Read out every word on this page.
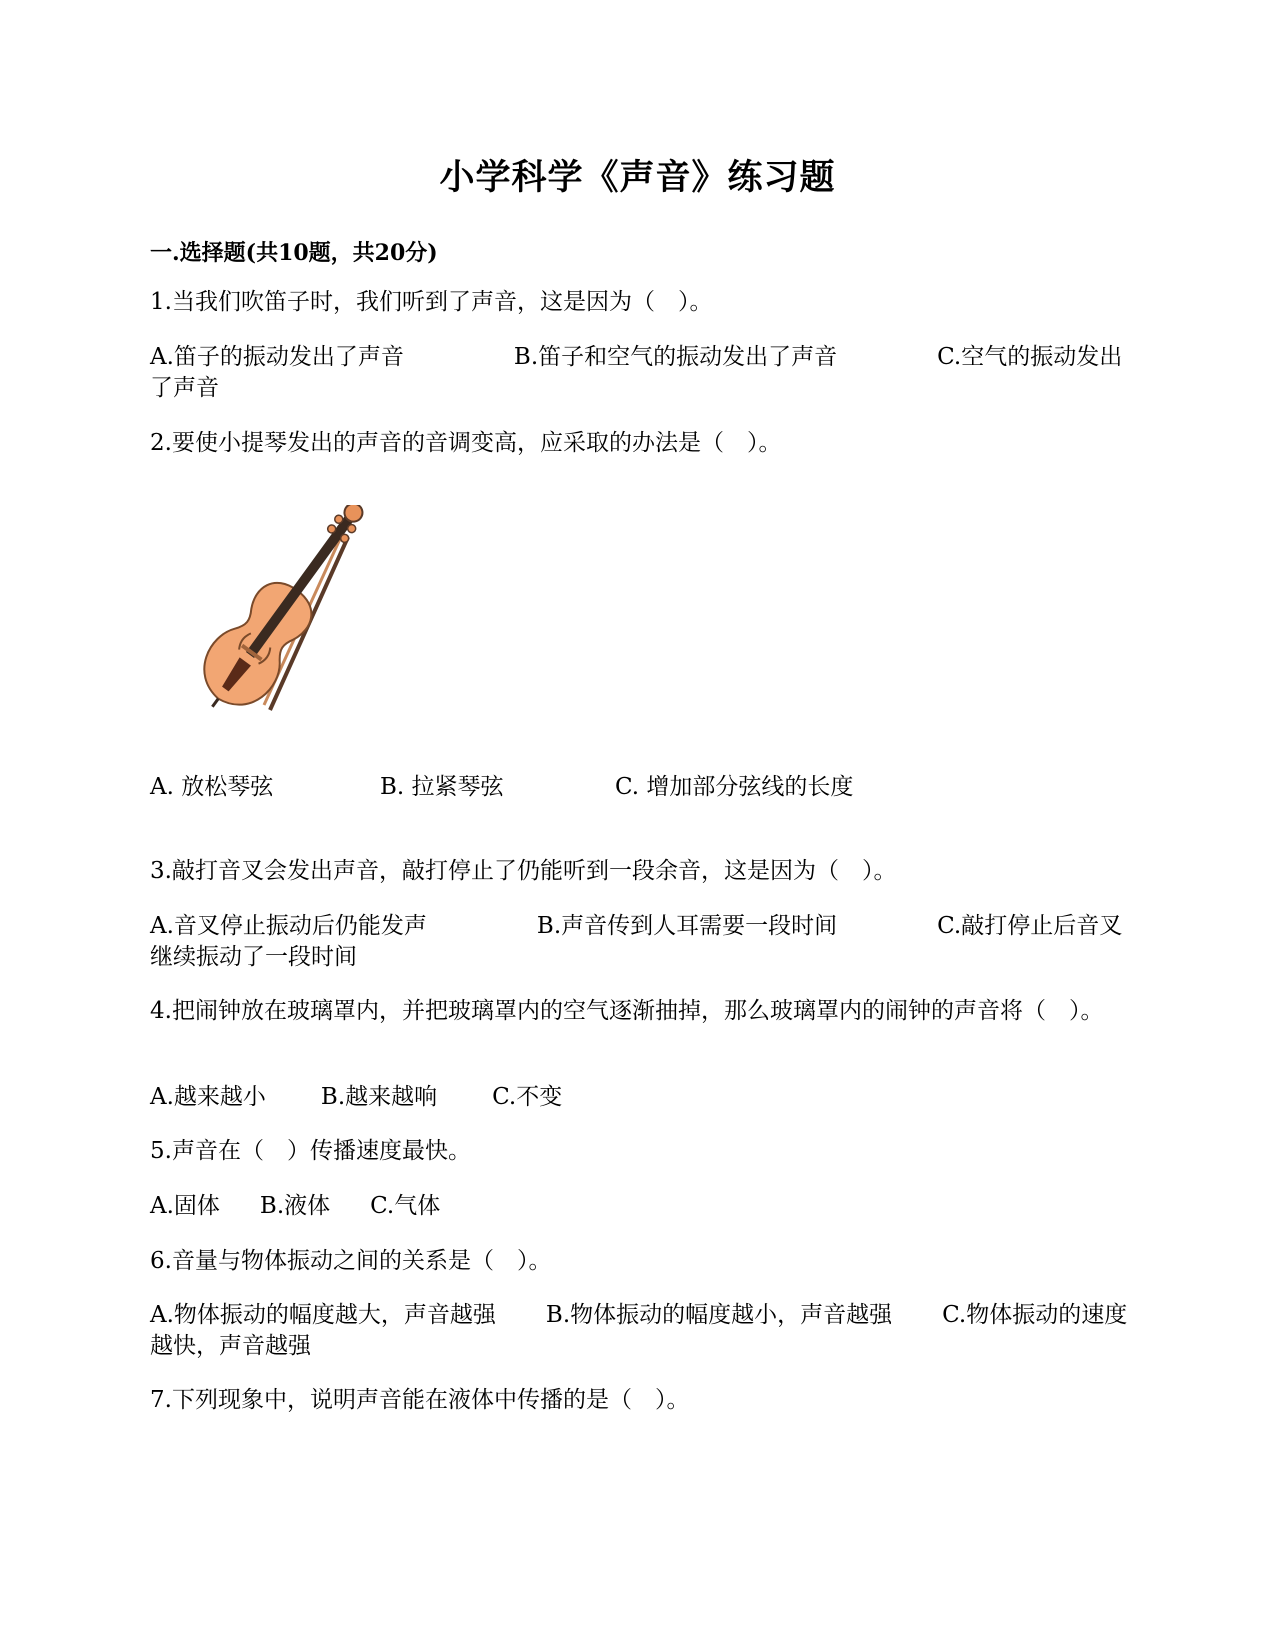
小学科学《声音》练习题
一.选择题(共10题，共20分)
1.当我们吹笛子时，我们听到了声音，这是因为（　）。
A.笛子的振动发出了声音	B.笛子和空气的振动发出了声音	C.空气的振动发出了声音
2.要使小提琴发出的声音的音调变高，应采取的办法是（　）。
A. 放松琴弦	B. 拉紧琴弦	C. 增加部分弦线的长度
3.敲打音叉会发出声音，敲打停止了仍能听到一段余音，这是因为（　）。
A.音叉停止振动后仍能发声	B.声音传到人耳需要一段时间	C.敲打停止后音叉继续振动了一段时间
4.把闹钟放在玻璃罩内，并把玻璃罩内的空气逐渐抽掉，那么玻璃罩内的闹钟的声音将（　）。
A.越来越小 B.越来越响 C.不变
5.声音在（　）传播速度最快。
A.固体 B.液体 C.气体
6.音量与物体振动之间的关系是（　）。
A.物体振动的幅度越大，声音越强 B.物体振动的幅度越小，声音越强 C.物体振动的速度越快，声音越强
7.下列现象中，说明声音能在液体中传播的是（　）。
